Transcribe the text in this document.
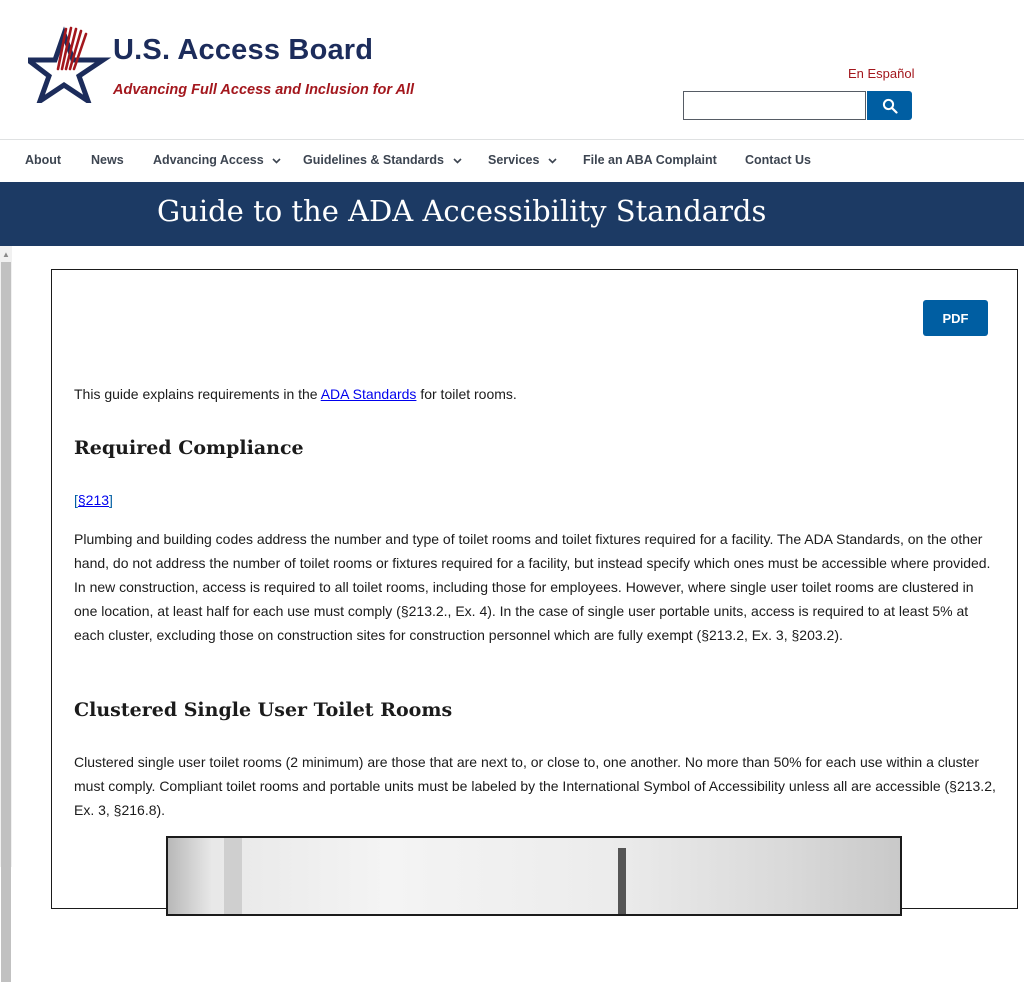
U.S. Access Board
Advancing Full Access and Inclusion for All
En Español
About News Advancing Access	Guidelines & Standards	Services	File an ABA Complaint Contact Us
Guide to the ADA Accessibility Standards
▲
PDF

This guide explains requirements in the ADA Standards for toilet rooms.

Required Compliance

[§213]

Plumbing and building codes address the number and type of toilet rooms and toilet fixtures required for a facility. The ADA Standards, on the other hand, do not address the number of toilet rooms or fixtures required for a facility, but instead specify which ones must be accessible where provided. In new construction, access is required to all toilet rooms, including those for employees. However, where single user toilet rooms are clustered in one location, at least half for each use must comply (§213.2., Ex. 4). In the case of single user portable units, access is required to at least 5% at each cluster, excluding those on construction sites for construction personnel which are fully exempt (§213.2, Ex. 3, §203.2).

Clustered Single User Toilet Rooms

Clustered single user toilet rooms (2 minimum) are those that are next to, or close to, one another. No more than 50% for each use within a cluster must comply. Compliant toilet rooms and portable units must be labeled by the International Symbol of Accessibility unless all are accessible (§213.2, Ex. 3, §216.8).
